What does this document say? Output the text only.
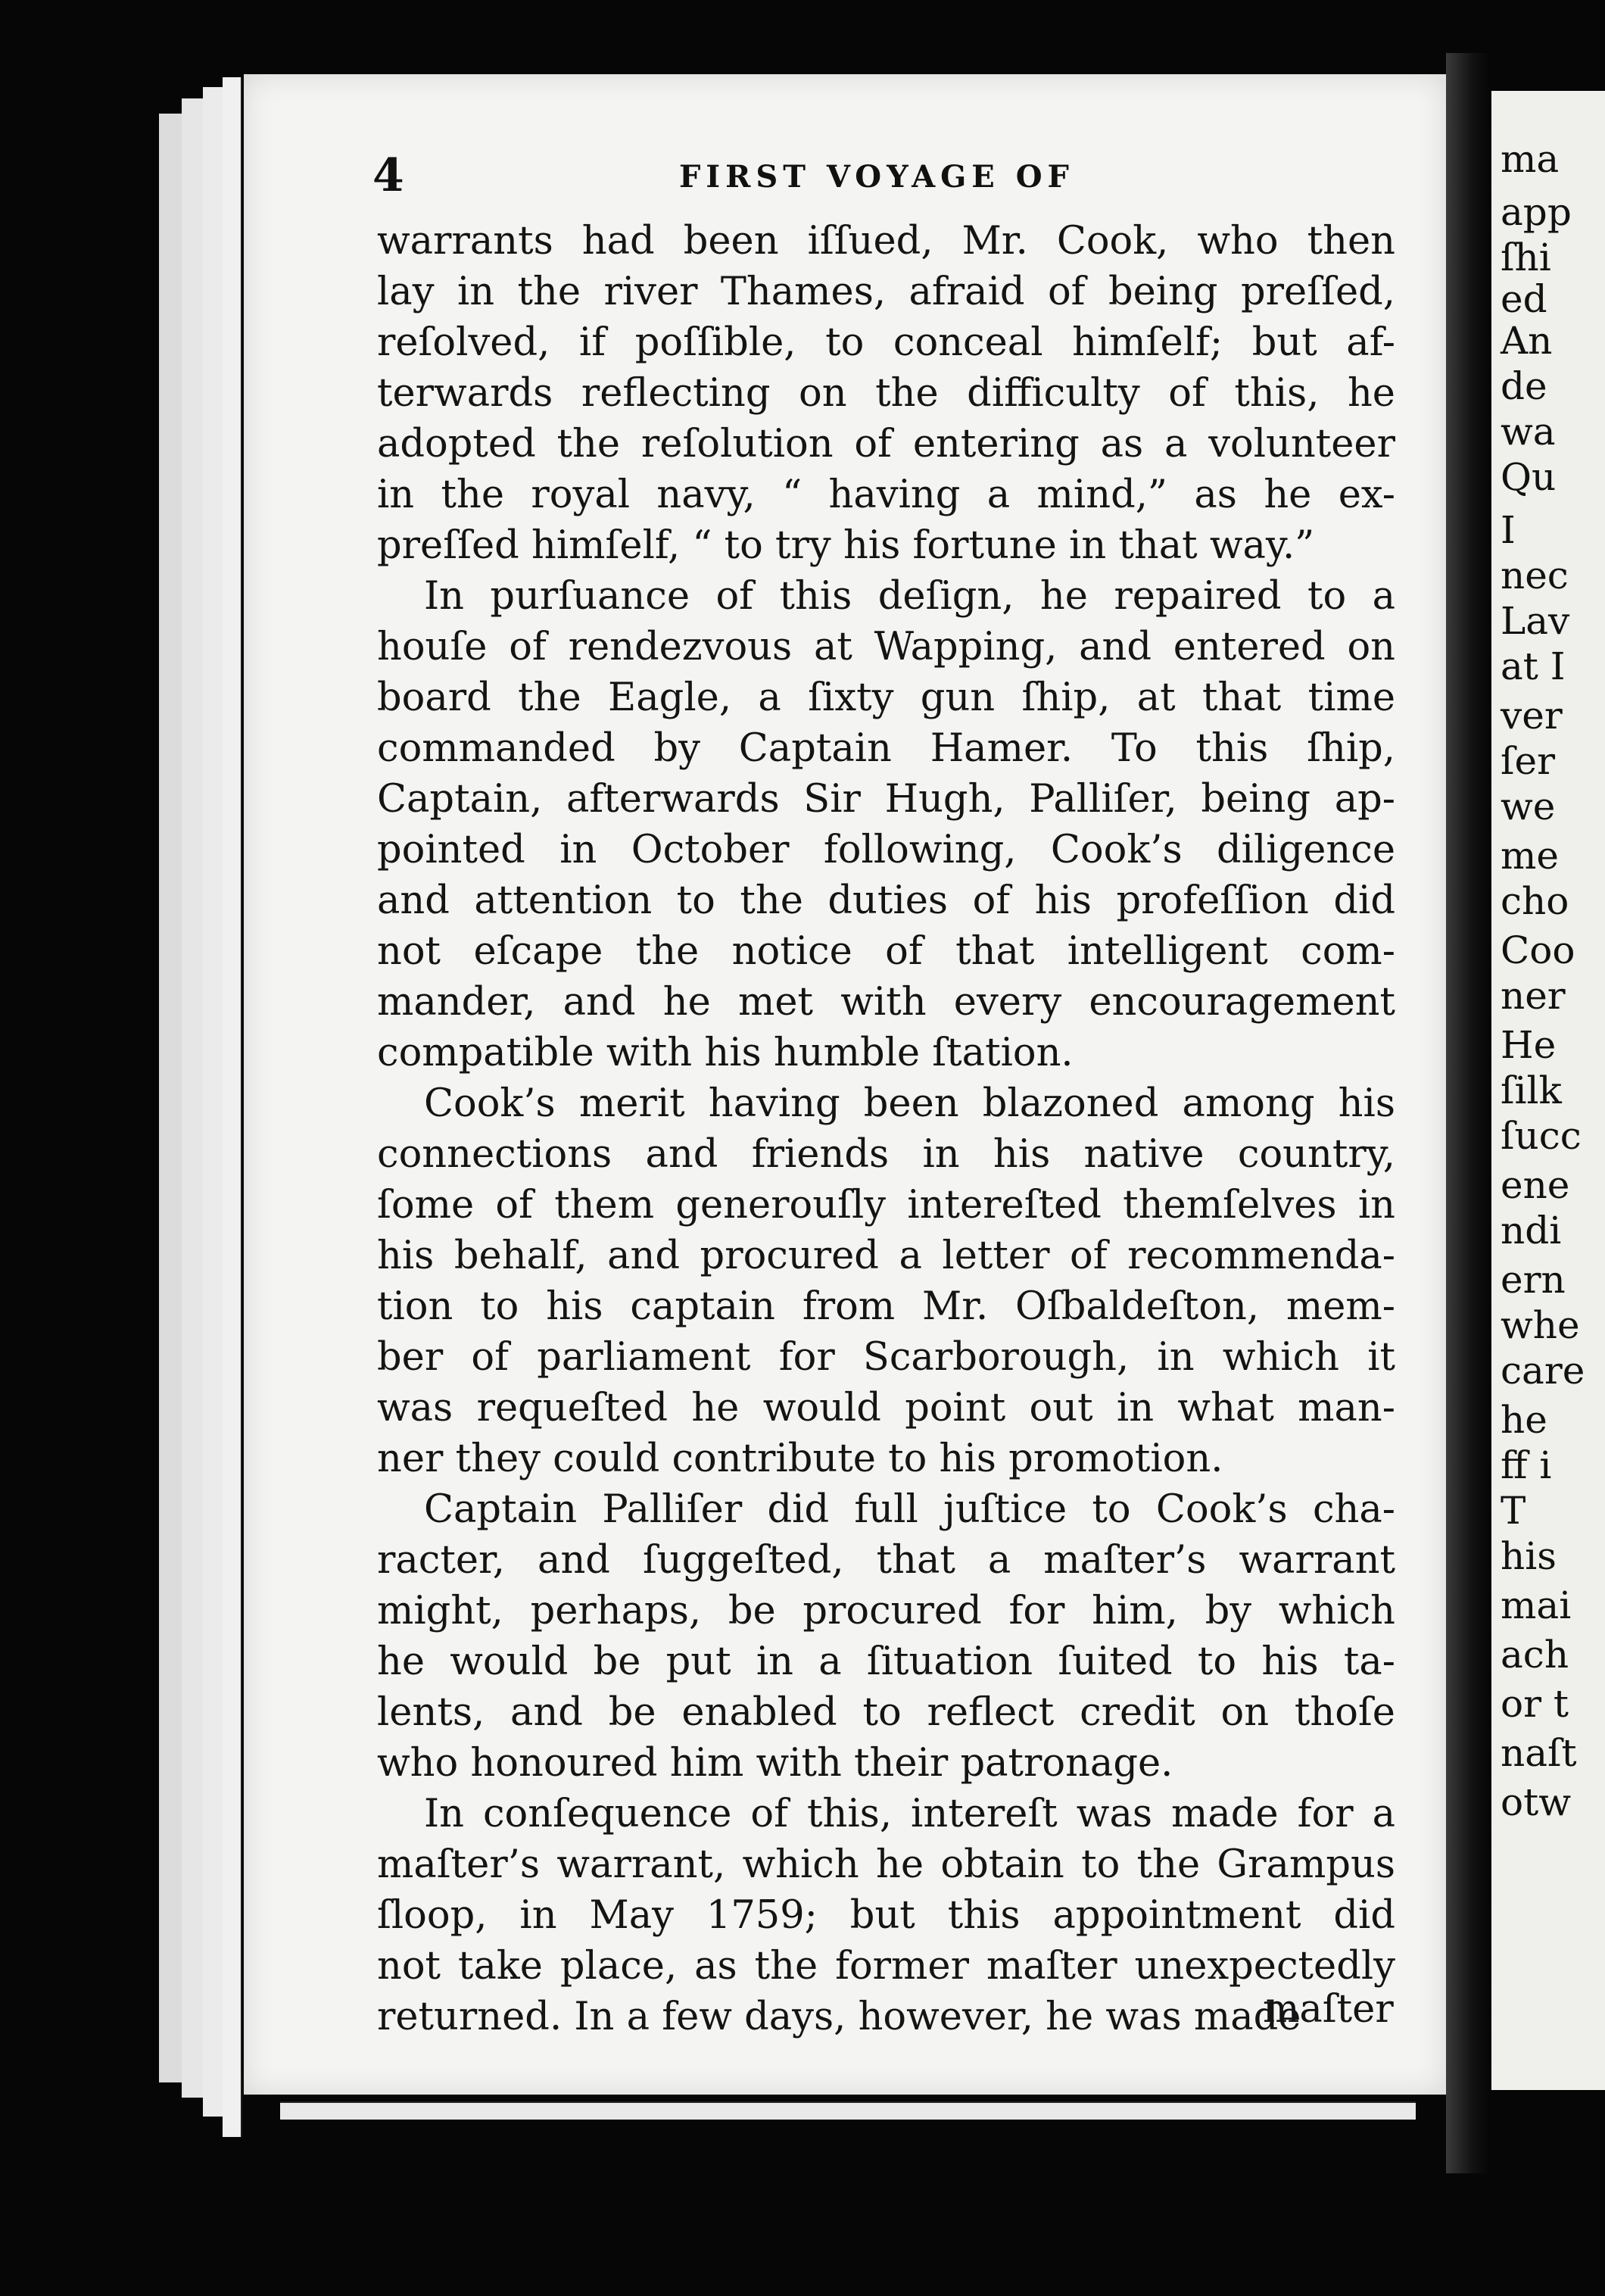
ma
app
ſhi
ed
An
de
wa
Qu
I
nec
Lav
at I
ver
ſer
we
me
cho
Coo
ner
He
ſilk
ſucc
ene
ndi
ern
whe
care
he
ff i
T
his
mai
ach
or t
naſt
otw
4	FIRST VOYAGE OF
warrants had been iſſued, Mr. Cook, who then
lay in the river Thames, afraid of being preſſed,
reſolved, if poſſible, to conceal himſelf; but af-
terwards reflecting on the difficulty of this, he
adopted the reſolution of entering as a volunteer
in the royal navy, “ having a mind,” as he ex-
preſſed himſelf, “ to try his fortune in that way.”
In purſuance of this deſign, he repaired to a
houſe of rendezvous at Wapping, and entered on
board the Eagle, a ſixty gun ſhip, at that time
commanded by Captain Hamer. To this ſhip,
Captain, afterwards Sir Hugh, Palliſer, being ap-
pointed in October following, Cook’s diligence
and attention to the duties of his profeſſion did
not eſcape the notice of that intelligent com-
mander, and he met with every encouragement
compatible with his humble ſtation.
Cook’s merit having been blazoned among his
connections and friends in his native country,
ſome of them generouſly intereſted themſelves in
his behalf, and procured a letter of recommenda-
tion to his captain from Mr. Oſbaldeſton, mem-
ber of parliament for Scarborough, in which it
was requeſted he would point out in what man-
ner they could contribute to his promotion.
Captain Palliſer did full juſtice to Cook’s cha-
racter, and ſuggeſted, that a maſter’s warrant
might, perhaps, be procured for him, by which
he would be put in a ſituation ſuited to his ta-
lents, and be enabled to reflect credit on thoſe
who honoured him with their patronage.
In conſequence of this, intereſt was made for a
maſter’s warrant, which he obtain to the Grampus
ſloop, in May 1759; but this appointment did
not take place, as the former maſter unexpectedly
returned. In a few days, however, he was made
maſter
